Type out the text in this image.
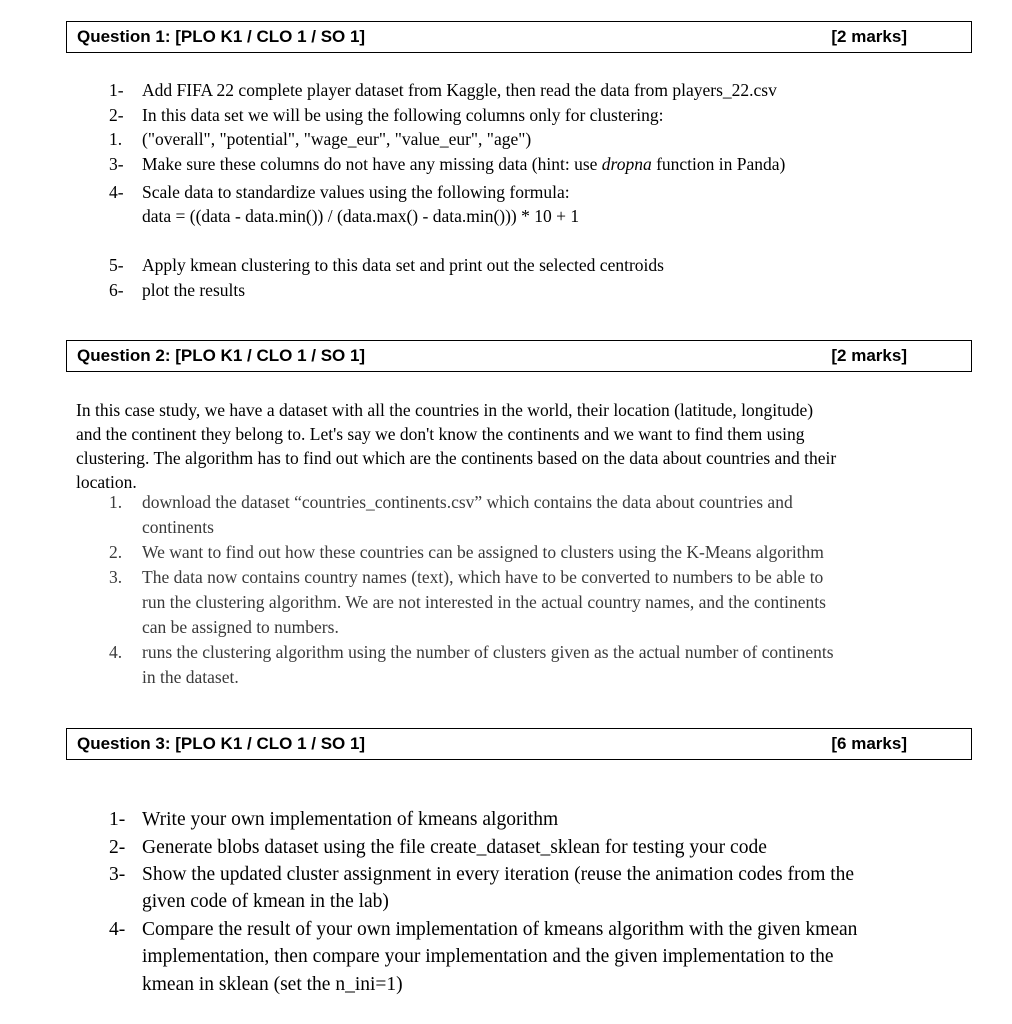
Question 1: [PLO K1 / CLO 1 / SO 1]	[2 marks]
1- Add FIFA 22 complete player dataset from Kaggle, then read the data from players_22.csv
2- In this data set we will be using the following columns only for clustering:
1. ("overall", "potential", "wage_eur", "value_eur", "age")
3- Make sure these columns do not have any missing data (hint: use dropna function in Panda)
4- Scale data to standardize values using the following formula:
data = ((data - data.min()) / (data.max() - data.min())) * 10 + 1
5- Apply kmean clustering to this data set and print out the selected centroids
6- plot the results
Question 2: [PLO K1 / CLO 1 / SO 1]	[2 marks]
In this case study, we have a dataset with all the countries in the world, their location (latitude, longitude)
and the continent they belong to. Let's say we don't know the continents and we want to find them using
clustering. The algorithm has to find out which are the continents based on the data about countries and their
location.
1. download the dataset “countries_continents.csv” which contains the data about countries and
continents
2. We want to find out how these countries can be assigned to clusters using the K-Means algorithm
3. The data now contains country names (text), which have to be converted to numbers to be able to
run the clustering algorithm. We are not interested in the actual country names, and the continents
can be assigned to numbers.
4. runs the clustering algorithm using the number of clusters given as the actual number of continents
in the dataset.
Question 3: [PLO K1 / CLO 1 / SO 1]	[6 marks]
1- Write your own implementation of kmeans algorithm
2- Generate blobs dataset using the file create_dataset_sklean for testing your code
3- Show the updated cluster assignment in every iteration (reuse the animation codes from the
given code of kmean in the lab)
4- Compare the result of your own implementation of kmeans algorithm with the given kmean
implementation, then compare your implementation and the given implementation to the
kmean in sklean (set the n_ini=1)
